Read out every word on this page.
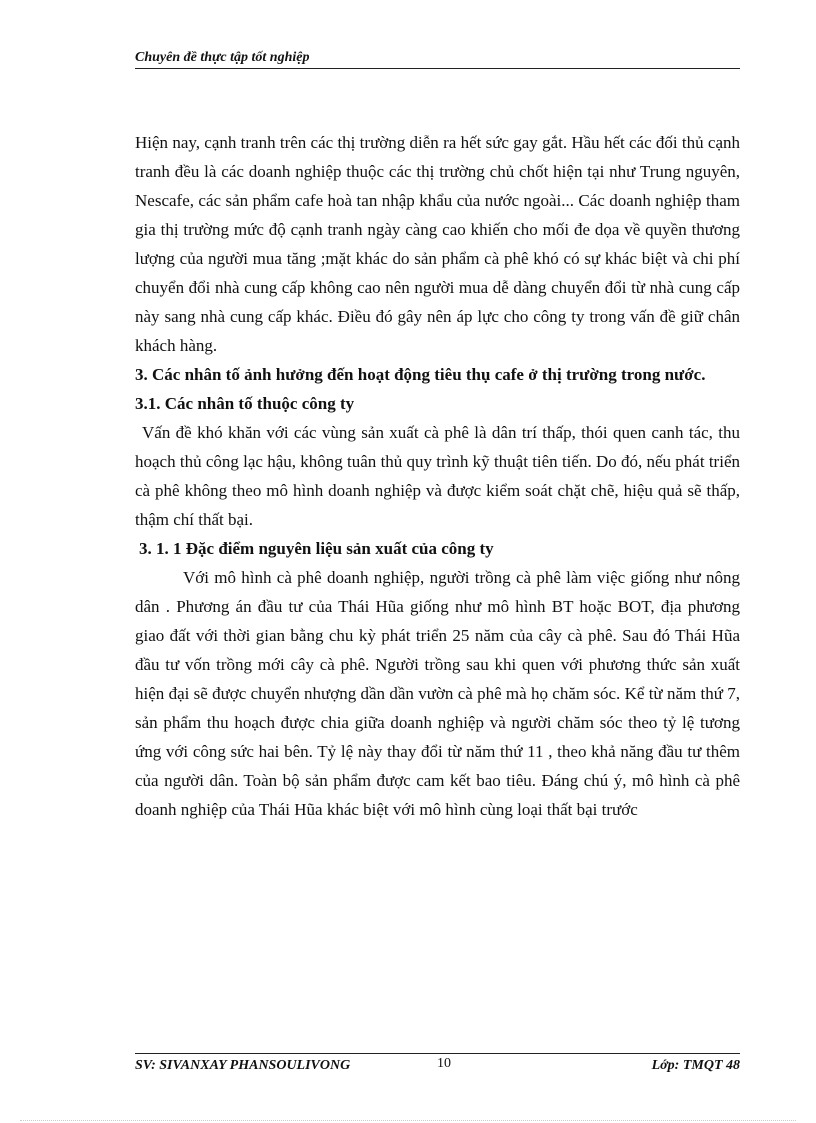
Chuyên đề thực tập tốt nghiệp

Hiện nay, cạnh tranh trên các thị trường diễn ra hết sức gay gắt. Hầu hết các đối thủ cạnh tranh đều là các doanh nghiệp thuộc các thị trường chủ chốt hiện tại như Trung nguyên, Nescafe, các sản phẩm cafe hoà tan nhập khẩu của nước ngoài... Các doanh nghiệp tham gia thị trường mức độ cạnh tranh ngày càng cao khiến cho mối đe dọa về quyền thương lượng của người mua tăng ;mặt khác do sản phẩm cà phê khó có sự khác biệt và chi phí chuyển đổi nhà cung cấp không cao nên người mua dễ dàng chuyển đổi từ nhà cung cấp này sang nhà cung cấp khác. Điều đó gây nên áp lực cho công ty trong vấn đề giữ chân khách hàng.

3. Các nhân tố ảnh hưởng đến hoạt động tiêu thụ cafe ở thị trường trong nước.

3.1. Các nhân tố thuộc công ty

Vấn đề khó khăn với các vùng sản xuất cà phê là dân trí thấp, thói quen canh tác, thu hoạch thủ công lạc hậu, không tuân thủ quy trình kỹ thuật tiên tiến. Do đó, nếu phát triển cà phê không theo mô hình doanh nghiệp và được kiểm soát chặt chẽ, hiệu quả sẽ thấp, thậm chí thất bại.

3. 1. 1 Đặc điểm nguyên liệu sản xuất của công ty

Với mô hình cà phê doanh nghiệp, người trồng cà phê làm việc giống như nông dân . Phương án đầu tư của Thái Hũa giống như mô hình BT hoặc BOT, địa phương giao đất với thời gian bằng chu kỳ phát triển 25 năm của cây cà phê. Sau đó Thái Hũa đầu tư vốn trồng mới cây cà phê. Người trồng sau khi quen với phương thức sản xuất hiện đại sẽ được chuyển nhượng dần dần vườn cà phê mà họ chăm sóc. Kể từ năm thứ 7, sản phẩm thu hoạch được chia giữa doanh nghiệp và người chăm sóc theo tỷ lệ tương ứng với công sức hai bên. Tỷ lệ này thay đổi từ năm thứ 11 , theo khả năng đầu tư thêm của người dân. Toàn bộ sản phẩm được cam kết bao tiêu. Đáng chú ý, mô hình cà phê doanh nghiệp của Thái Hũa khác biệt với mô hình cùng loại thất bại trước

SV: SIVANXAY PHANSOULIVONG	10	Lớp: TMQT 48
